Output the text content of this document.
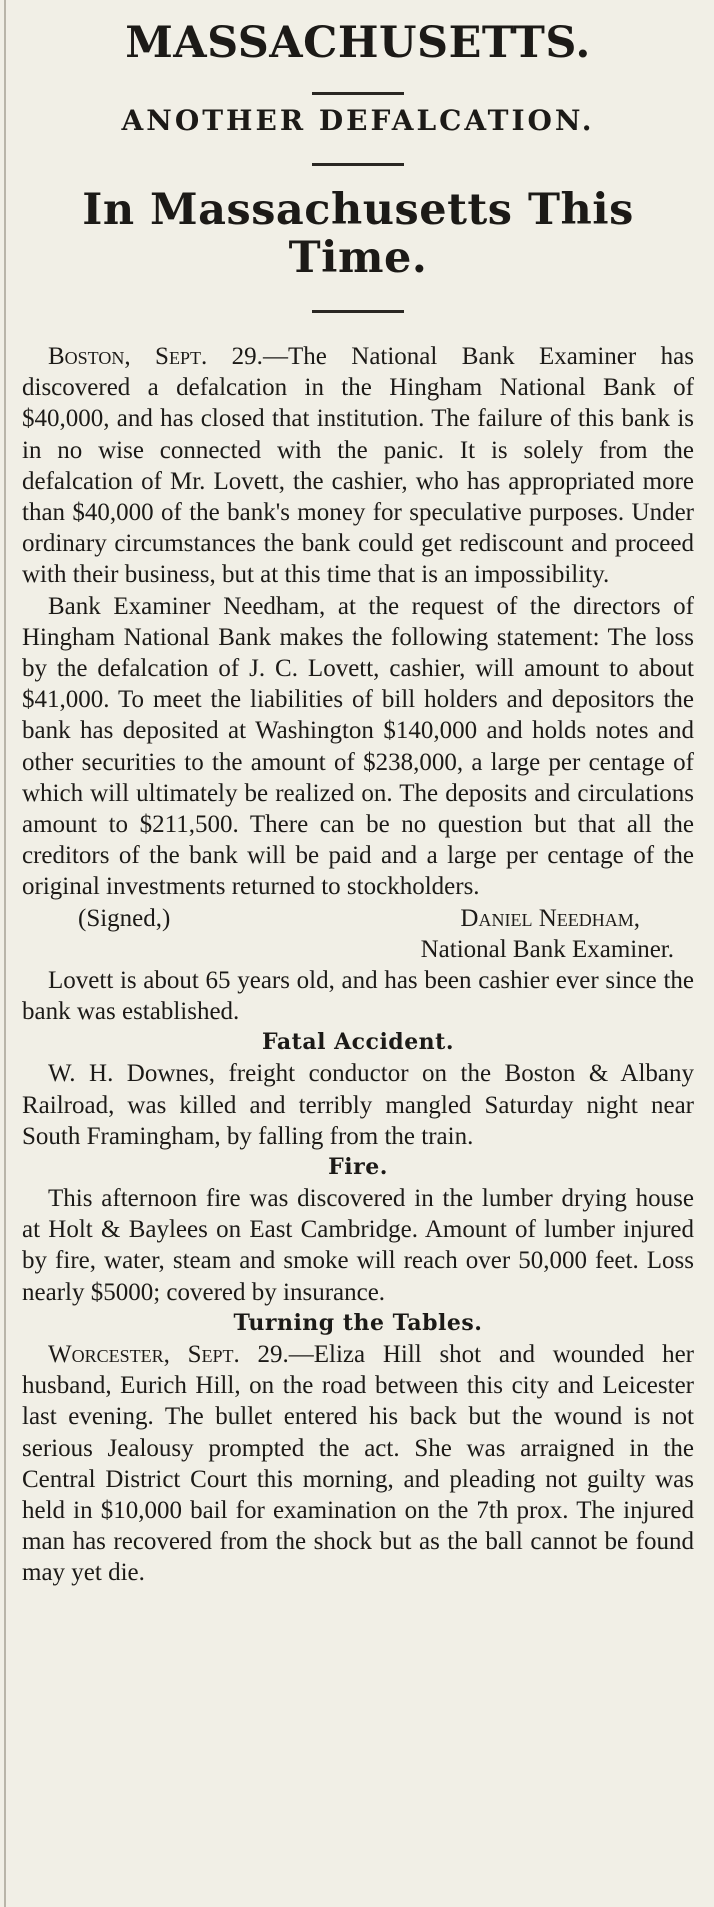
MASSACHUSETTS.
ANOTHER DEFALCATION.
In Massachusetts This Time.

Boston, Sept. 29.—The National Bank Examiner has discovered a defalcation in the Hingham National Bank of $40,000, and has closed that institution. The failure of this bank is in no wise connected with the panic. It is solely from the defalcation of Mr. Lovett, the cashier, who has appropriated more than $40,000 of the bank's money for speculative purposes. Under ordinary circumstances the bank could get rediscount and proceed with their business, but at this time that is an impossibility.

Bank Examiner Needham, at the request of the directors of Hingham National Bank makes the following statement: The loss by the defalcation of J. C. Lovett, cashier, will amount to about $41,000. To meet the liabilities of bill holders and depositors the bank has deposited at Washington $140,000 and holds notes and other securities to the amount of $238,000, a large per centage of which will ultimately be realized on. The deposits and circulations amount to $211,500. There can be no question but that all the creditors of the bank will be paid and a large per centage of the original investments returned to stockholders.

(Signed,)	Daniel Needham,
National Bank Examiner.

Lovett is about 65 years old, and has been cashier ever since the bank was established.

Fatal Accident.

W. H. Downes, freight conductor on the Boston & Albany Railroad, was killed and terribly mangled Saturday night near South Framingham, by falling from the train.

Fire.

This afternoon fire was discovered in the lumber drying house at Holt & Baylees on East Cambridge. Amount of lumber injured by fire, water, steam and smoke will reach over 50,000 feet. Loss nearly $5000; covered by insurance.

Turning the Tables.

Worcester, Sept. 29.—Eliza Hill shot and wounded her husband, Eurich Hill, on the road between this city and Leicester last evening. The bullet entered his back but the wound is not serious Jealousy prompted the act. She was arraigned in the Central District Court this morning, and pleading not guilty was held in $10,000 bail for examination on the 7th prox. The injured man has recovered from the shock but as the ball cannot be found may yet die.
